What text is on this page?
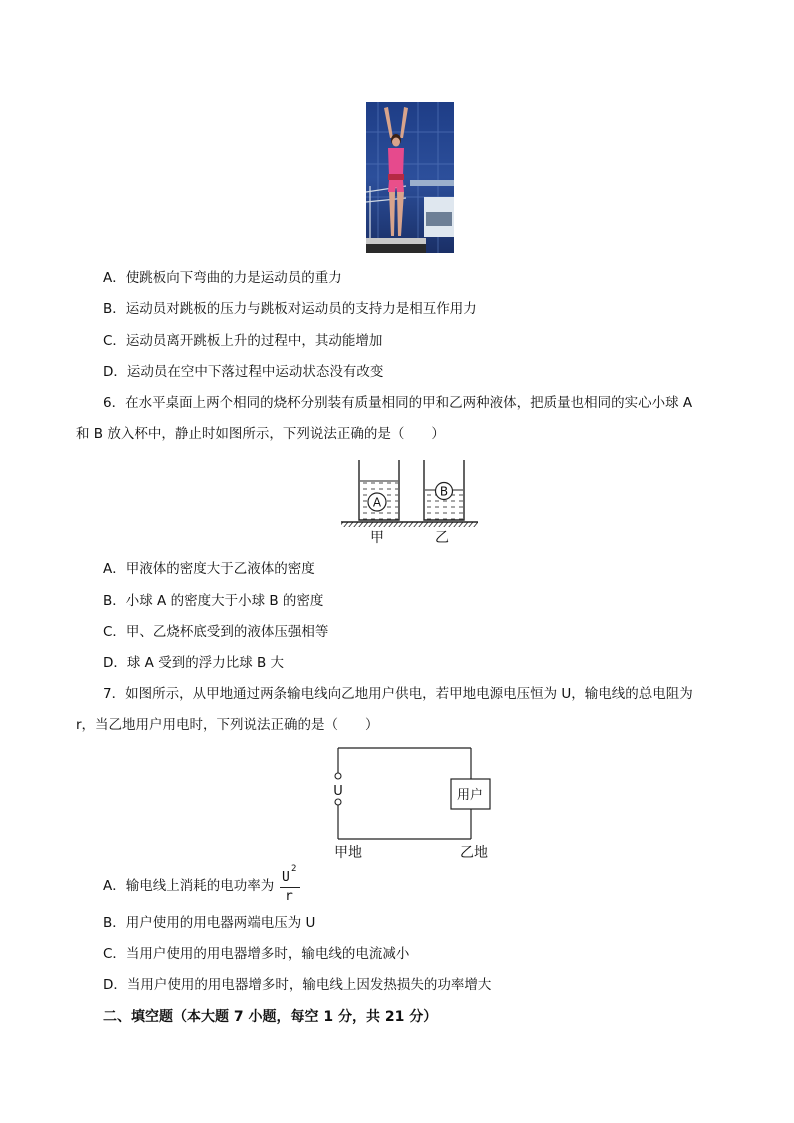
A．使跳板向下弯曲的力是运动员的重力
B．运动员对跳板的压力与跳板对运动员的支持力是相互作用力
C．运动员离开跳板上升的过程中，其动能增加
D．运动员在空中下落过程中运动状态没有改变
6．在水平桌面上两个相同的烧杯分别装有质量相同的甲和乙两种液体，把质量也相同的实心小球 A
和 B 放入杯中，静止时如图所示，下列说法正确的是（　　）
A
B
甲	乙
A．甲液体的密度大于乙液体的密度
B．小球 A 的密度大于小球 B 的密度
C．甲、乙烧杯底受到的液体压强相等
D．球 A 受到的浮力比球 B 大
7．如图所示，从甲地通过两条输电线向乙地用户供电，若甲地电源电压恒为 U，输电线的总电阻为
r，当乙地用户用电时，下列说法正确的是（　　）
U	用户
甲地	乙地
A．输电线上消耗的电功率为
U
2
r
B．用户使用的用电器两端电压为 U
C．当用户使用的用电器增多时，输电线的电流减小
D．当用户使用的用电器增多时，输电线上因发热损失的功率增大
二、填空题（本大题 7 小题，每空 1 分，共 21 分）
